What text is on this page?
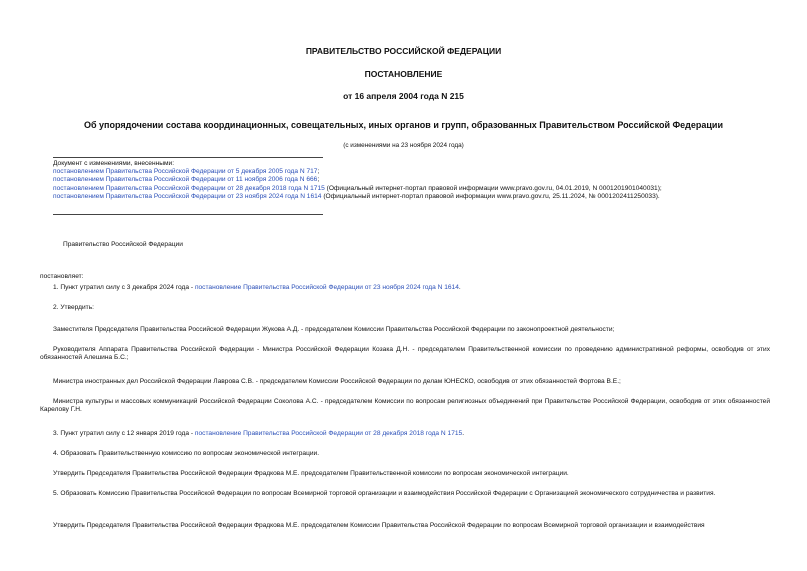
ПРАВИТЕЛЬСТВО РОССИЙСКОЙ ФЕДЕРАЦИИ
ПОСТАНОВЛЕНИЕ
от 16 апреля 2004 года N 215
Об упорядочении состава координационных, совещательных, иных органов и групп, образованных Правительством Российской Федерации
(с изменениями на 23 ноября 2024 года)
Документ с изменениями, внесенными:
постановлением Правительства Российской Федерации от 5 декабря 2005 года N 717;
постановлением Правительства Российской Федерации от 11 ноября 2006 года N 666;
постановлением Правительства Российской Федерации от 28 декабря 2018 года N 1715 (Официальный интернет-портал правовой информации www.pravo.gov.ru, 04.01.2019, N 0001201901040031);
постановлением Правительства Российской Федерации от 23 ноября 2024 года N 1614 (Официальный интернет-портал правовой информации www.pravo.gov.ru, 25.11.2024, № 0001202411250033).
Правительство Российской Федерации
постановляет:
1. Пункт утратил силу с 3 декабря 2024 года - постановление Правительства Российской Федерации от 23 ноября 2024 года N 1614.
2. Утвердить:
Заместителя Председателя Правительства Российской Федерации Жукова А.Д. - председателем Комиссии Правительства Российской Федерации по законопроектной деятельности;
Руководителя Аппарата Правительства Российской Федерации - Министра Российской Федерации Козака Д.Н. - председателем Правительственной комиссии по проведению административной реформы, освободив от этих обязанностей Алешина Б.С.;
Министра иностранных дел Российской Федерации Лаврова С.В. - председателем Комиссии Российской Федерации по делам ЮНЕСКО, освободив от этих обязанностей Фортова В.Е.;
Министра культуры и массовых коммуникаций Российской Федерации Соколова А.С. - председателем Комиссии по вопросам религиозных объединений при Правительстве Российской Федерации, освободив от этих обязанностей Карелову Г.Н.
3. Пункт утратил силу с 12 января 2019 года - постановление Правительства Российской Федерации от 28 декабря 2018 года N 1715.
4. Образовать Правительственную комиссию по вопросам экономической интеграции.
Утвердить Председателя Правительства Российской Федерации Фрадкова М.Е. председателем Правительственной комиссии по вопросам экономической интеграции.
5. Образовать Комиссию Правительства Российской Федерации по вопросам Всемирной торговой организации и взаимодействия Российской Федерации с Организацией экономического сотрудничества и развития.
Утвердить Председателя Правительства Российской Федерации Фрадкова М.Е. председателем Комиссии Правительства Российской Федерации по вопросам Всемирной торговой организации и взаимодействия
